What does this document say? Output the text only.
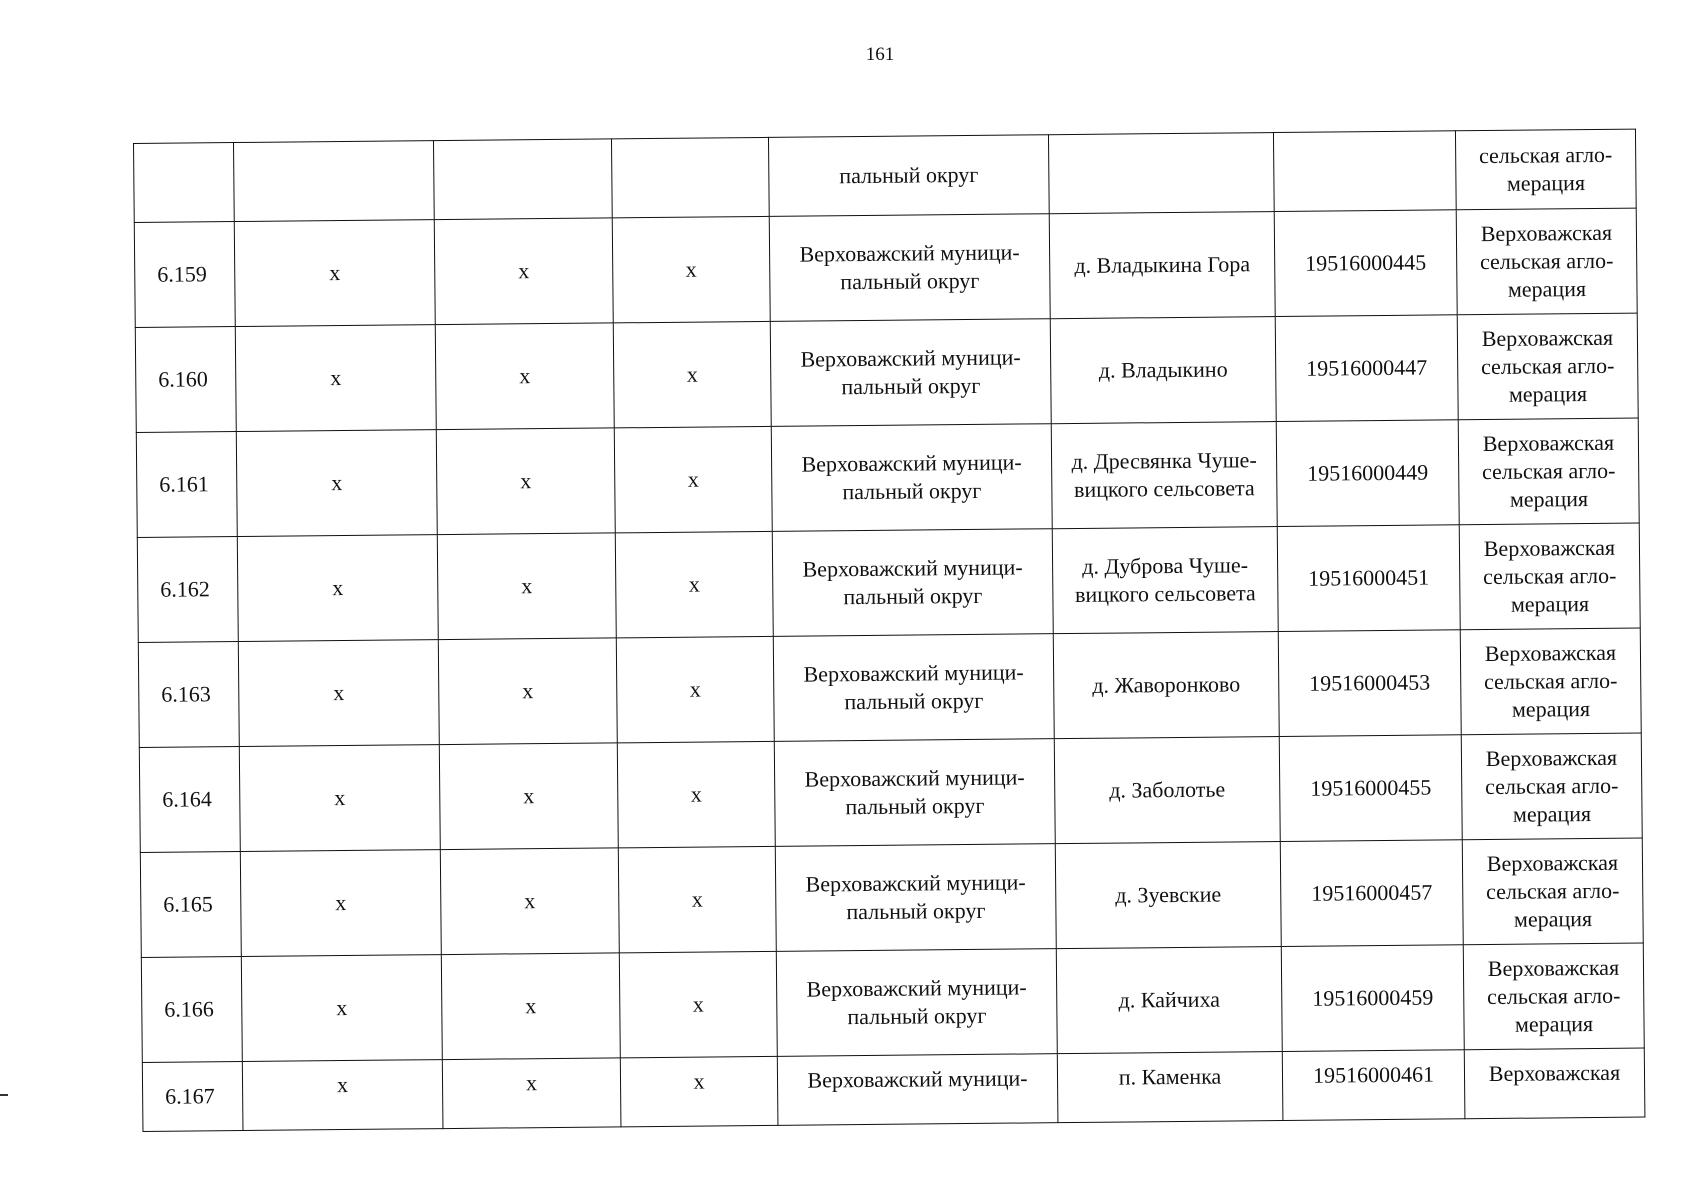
161
				пальный округ			сельская агло-мерация
6.159	x	x	x	Верховажский муници-пальный округ	д. Владыкина Гора	19516000445	Верховажская сельская агло-мерация
6.160	x	x	x	Верховажский муници-пальный округ	д. Владыкино	19516000447	Верховажская сельская агло-мерация
6.161	x	x	x	Верховажский муници-пальный округ	д. Дресвянка Чуше-вицкого сельсовета	19516000449	Верховажская сельская агло-мерация
6.162	x	x	x	Верховажский муници-пальный округ	д. Дуброва Чуше-вицкого сельсовета	19516000451	Верховажская сельская агло-мерация
6.163	x	x	x	Верховажский муници-пальный округ	д. Жаворонково	19516000453	Верховажская сельская агло-мерация
6.164	x	x	x	Верховажский муници-пальный округ	д. Заболотье	19516000455	Верховажская сельская агло-мерация
6.165	x	x	x	Верховажский муници-пальный округ	д. Зуевские	19516000457	Верховажская сельская агло-мерация
6.166	x	x	x	Верховажский муници-пальный округ	д. Кайчиха	19516000459	Верховажская сельская агло-мерация
6.167	x	x	x	Верховажский муници-	п. Каменка	19516000461	Верховажская
